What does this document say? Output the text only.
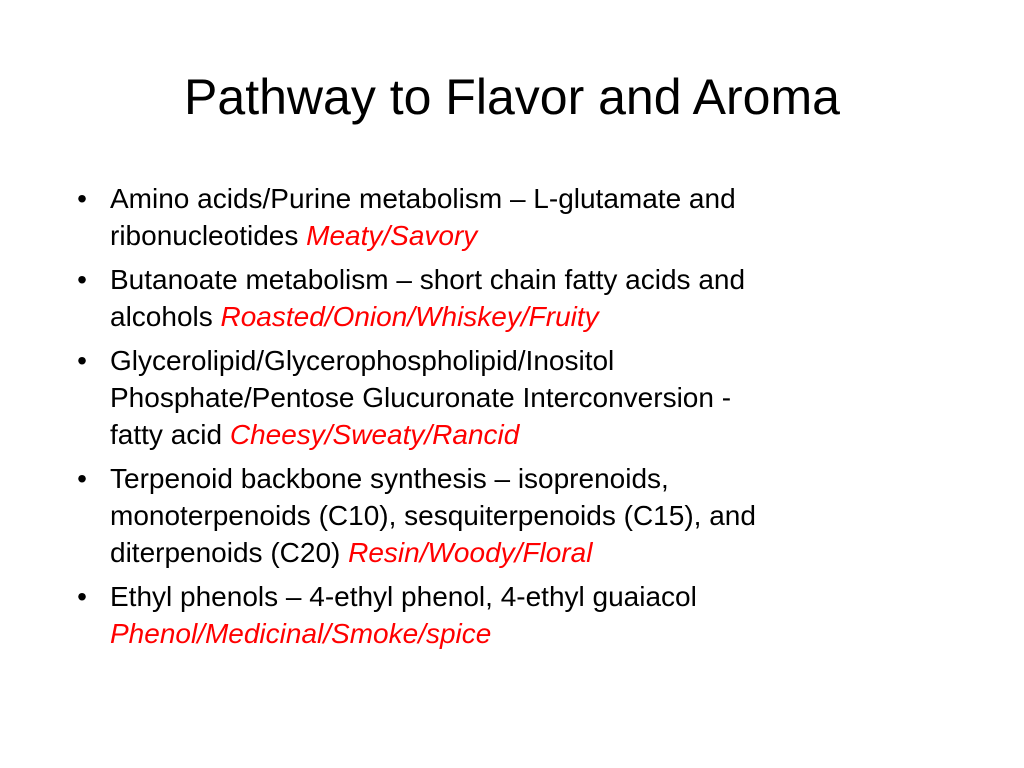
Pathway to Flavor and Aroma
• Amino acids/Purine metabolism – L-glutamate and
ribonucleotides Meaty/Savory
• Butanoate metabolism – short chain fatty acids and
alcohols Roasted/Onion/Whiskey/Fruity
• Glycerolipid/Glycerophospholipid/Inositol
Phosphate/Pentose Glucuronate Interconversion -
fatty acid Cheesy/Sweaty/Rancid
• Terpenoid backbone synthesis – isoprenoids,
monoterpenoids (C10), sesquiterpenoids (C15), and
diterpenoids (C20) Resin/Woody/Floral
• Ethyl phenols – 4-ethyl phenol, 4-ethyl guaiacol
Phenol/Medicinal/Smoke/spice
